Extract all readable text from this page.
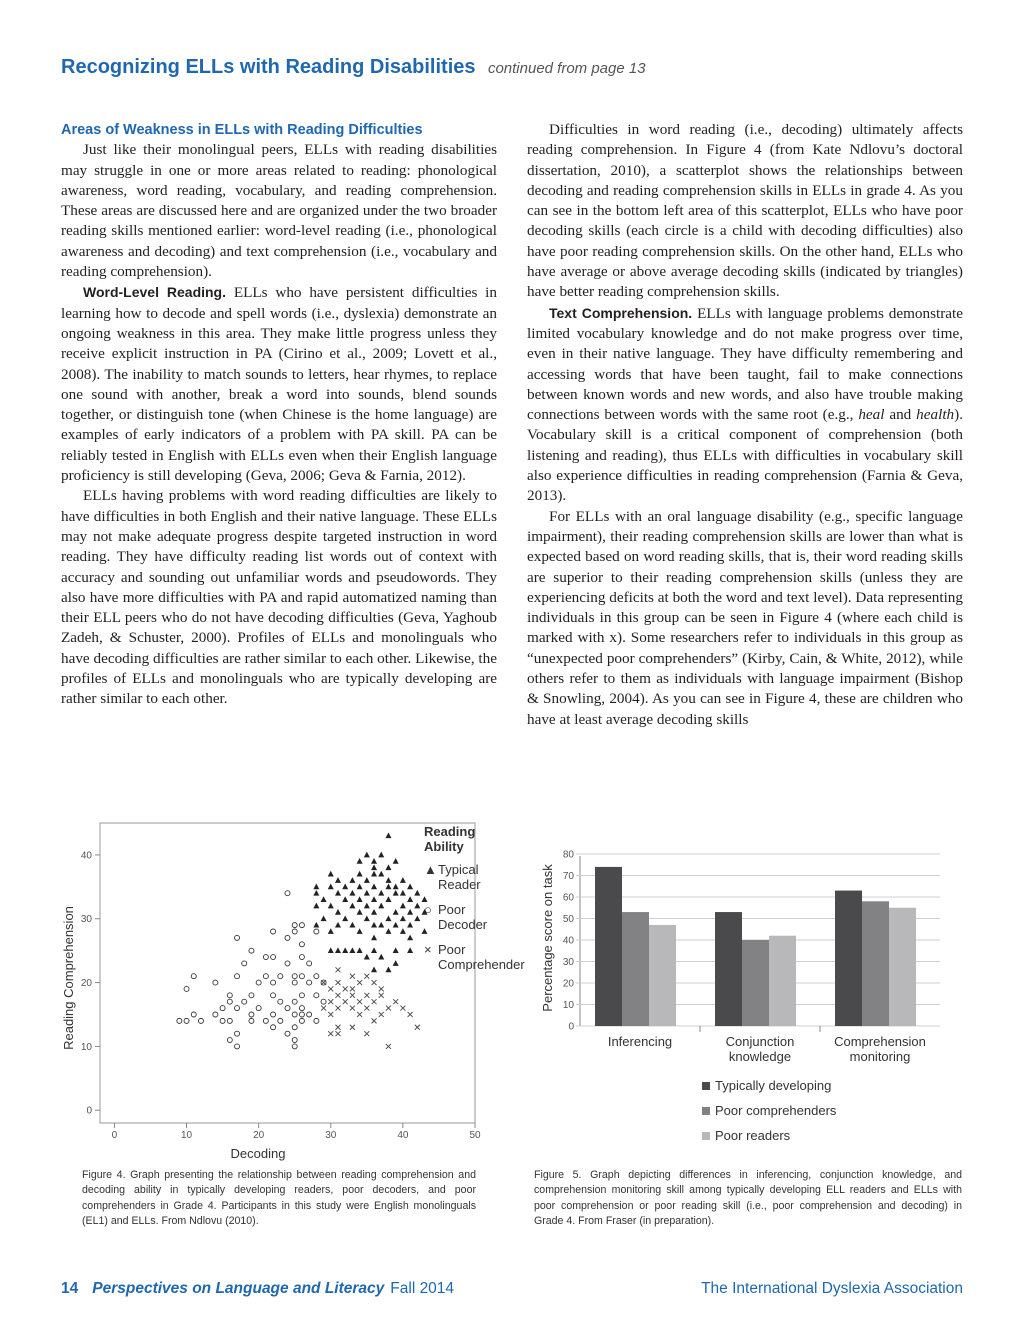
Recognizing ELLs with Reading Disabilities continued from page 13
Areas of Weakness in ELLs with Reading Difficulties

Just like their monolingual peers, ELLs with reading disabilities may struggle in one or more areas related to reading: phonological awareness, word reading, vocabulary, and reading comprehension. These areas are discussed here and are organized under the two broader reading skills mentioned earlier: word-level reading (i.e., phonological awareness and decoding) and text comprehension (i.e., vocabulary and reading comprehension).

Word-Level Reading. ELLs who have persistent difficulties in learning how to decode and spell words (i.e., dyslexia) demonstrate an ongoing weakness in this area. They make little progress unless they receive explicit instruction in PA (Cirino et al., 2009; Lovett et al., 2008). The inability to match sounds to letters, hear rhymes, to replace one sound with another, break a word into sounds, blend sounds together, or distinguish tone (when Chinese is the home language) are examples of early indicators of a problem with PA skill. PA can be reliably tested in English with ELLs even when their English language proficiency is still developing (Geva, 2006; Geva & Farnia, 2012).

ELLs having problems with word reading difficulties are likely to have difficulties in both English and their native language. These ELLs may not make adequate progress despite targeted instruction in word reading. They have difficulty reading list words out of context with accuracy and sounding out unfamiliar words and pseudowords. They also have more difficulties with PA and rapid automatized naming than their ELL peers who do not have decoding difficulties (Geva, Yaghoub Zadeh, & Schuster, 2000). Profiles of ELLs and monolinguals who have decoding difficulties are rather similar to each other. Likewise, the profiles of ELLs and monolinguals who are typically developing are rather similar to each other.

Difficulties in word reading (i.e., decoding) ultimately affects reading comprehension. In Figure 4 (from Kate Ndlovu’s doctoral dissertation, 2010), a scatterplot shows the relationships between decoding and reading comprehension skills in ELLs in grade 4. As you can see in the bottom left area of this scatterplot, ELLs who have poor decoding skills (each circle is a child with decoding difficulties) also have poor reading comprehension skills. On the other hand, ELLs who have average or above average decoding skills (indicated by triangles) have better reading comprehension skills.

Text Comprehension. ELLs with language problems demonstrate limited vocabulary knowledge and do not make progress over time, even in their native language. They have difficulty remembering and accessing words that have been taught, fail to make connections between known words and new words, and also have trouble making connections between words with the same root (e.g., heal and health). Vocabulary skill is a critical component of comprehension (both listening and reading), thus ELLs with difficulties in vocabulary skill also experience difficulties in reading comprehension (Farnia & Geva, 2013).

For ELLs with an oral language disability (e.g., specific language impairment), their reading comprehension skills are lower than what is expected based on word reading skills, that is, their word reading skills are superior to their reading comprehension skills (unless they are experiencing deficits at both the word and text level). Data representing individuals in this group can be seen in Figure 4 (where each child is marked with x). Some researchers refer to individuals in this group as “unexpected poor comprehenders” (Kirby, Cain, & White, 2012), while others refer to them as individuals with language impairment (Bishop & Snowling, 2004). As you can see in Figure 4, these are children who have at least average decoding skills

0	10	20	30	40	50
0
10
20
30
40
Decoding
Reading Comprehension
Reading Ability
▲ Typical Reader
○ Poor Decoder
× Poor Comprehender
Figure 4. Graph presenting the relationship between reading comprehension and decoding ability in typically developing readers, poor decoders, and poor comprehenders in Grade 4. Participants in this study were English monolinguals (EL1) and ELLs. From Ndlovu (2010).
0
10
20
30
40
50
60
70
80
Inferencing	Conjunction
knowledge
Comprehension
monitoring
Percentage score on task
Typically developing
Poor comprehenders
Poor readers
Figure 5. Graph depicting differences in inferencing, conjunction knowledge, and comprehension monitoring skill among typically developing ELL readers and ELLs with poor comprehension or poor reading skill (i.e., poor comprehension and decoding) in Grade 4. From Fraser (in preparation).
14 Perspectives on Language and Literacy Fall 2014	The International Dyslexia Association
